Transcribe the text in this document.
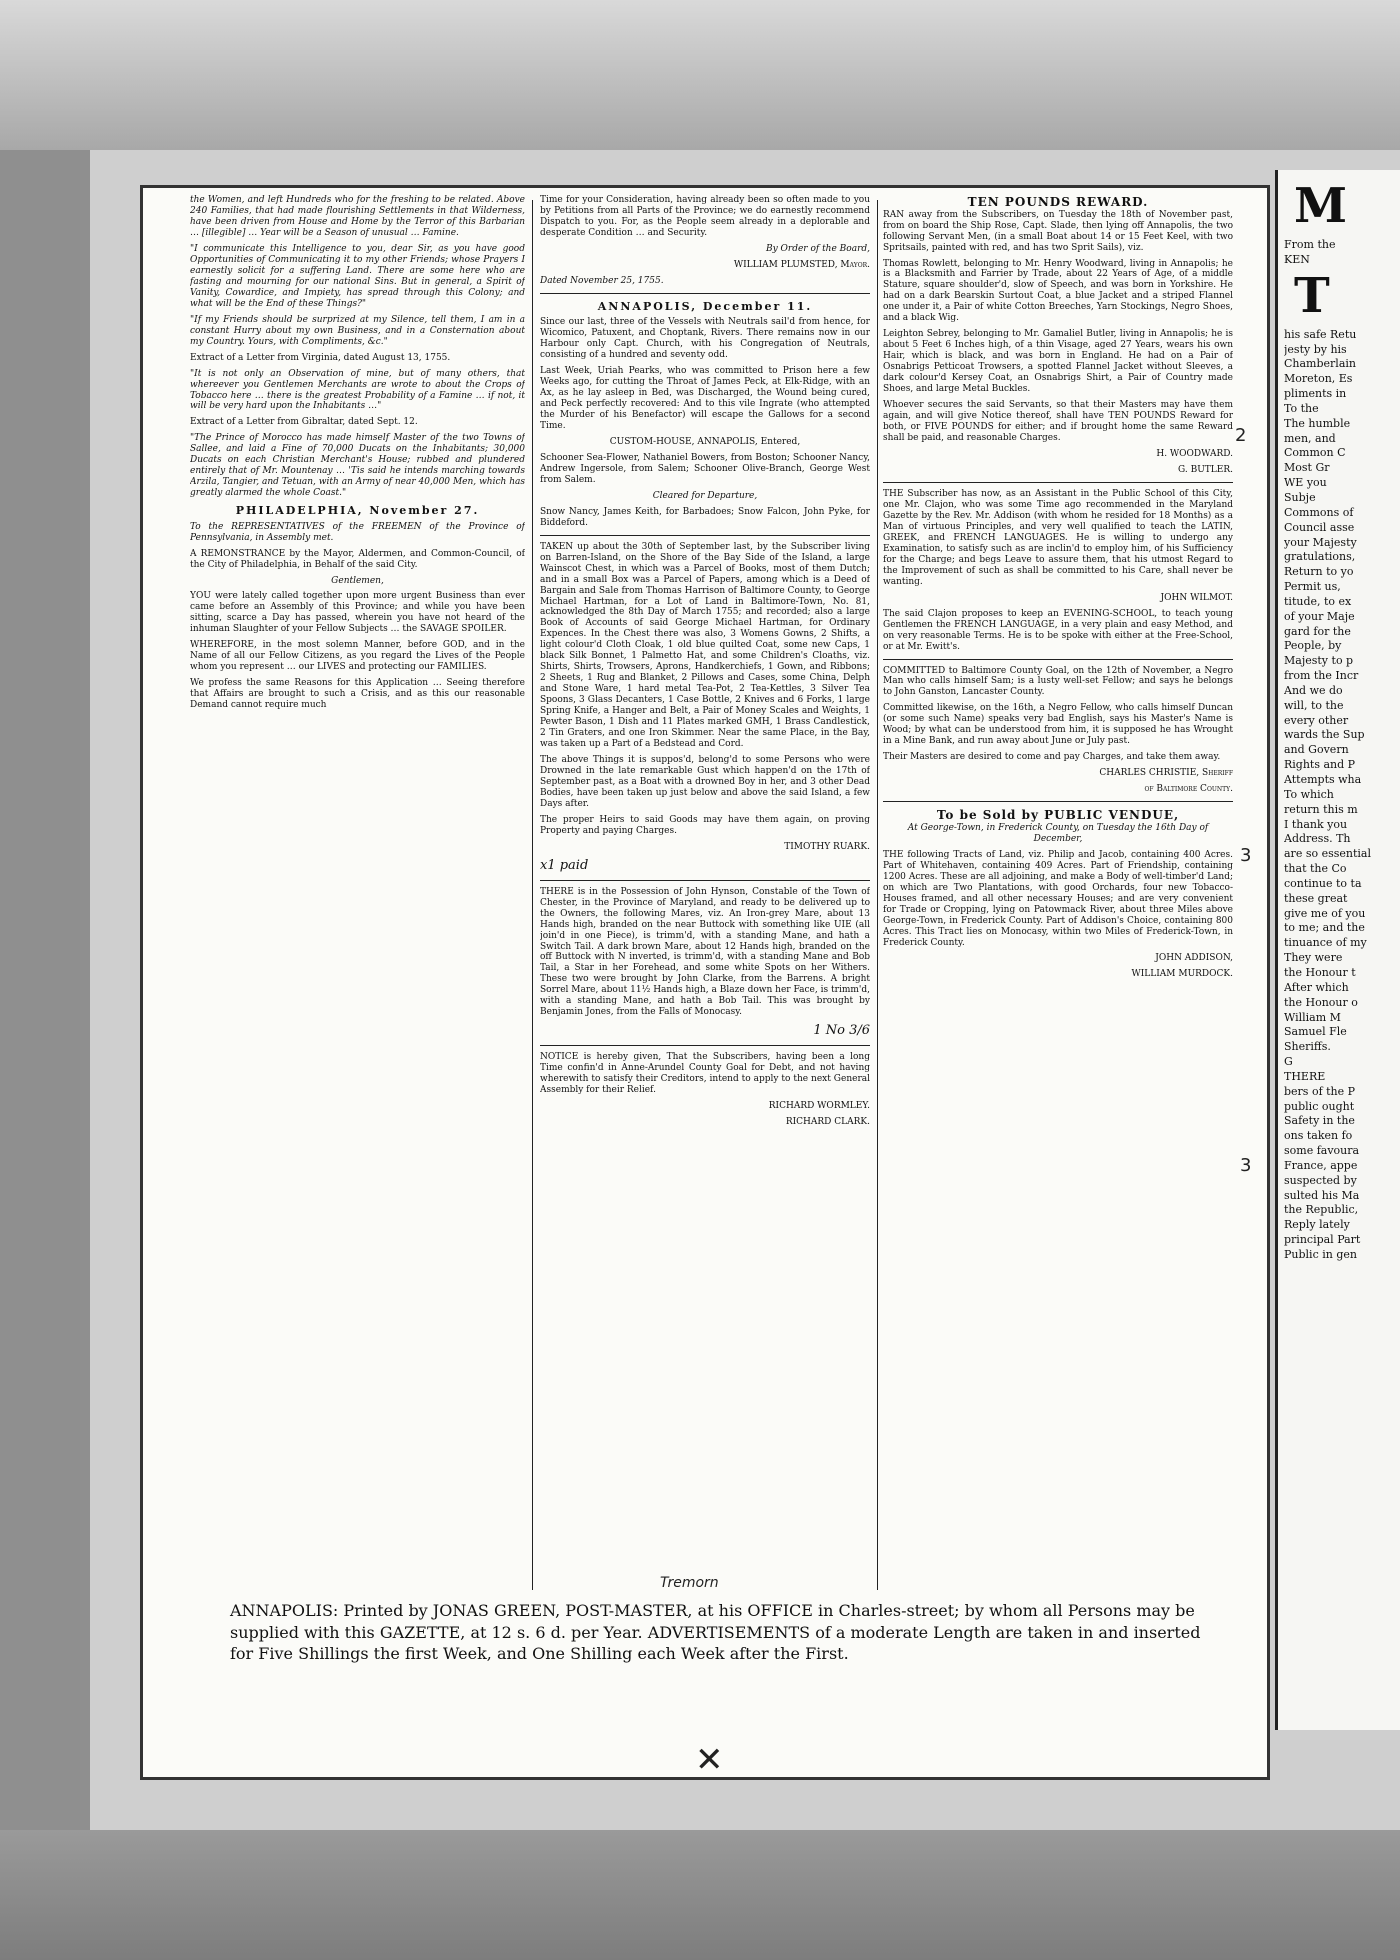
the Women, and left Hundreds who for the freshing to be related. Above 240 Families, that had made flourishing Settlements in that Wilderness, have been driven from House and Home by the Terror of this Barbarian … [illegible] … Year will be a Season of unusual … Famine.

"I communicate this Intelligence to you, dear Sir, as you have good Opportunities of Communicating it to my other Friends; whose Prayers I earnestly solicit for a suffering Land. There are some here who are fasting and mourning for our national Sins. But in general, a Spirit of Vanity, Cowardice, and Impiety, has spread through this Colony; and what will be the End of these Things?"

"If my Friends should be surprized at my Silence, tell them, I am in a constant Hurry about my own Business, and in a Consternation about my Country. Yours, with Compliments, &c."

Extract of a Letter from Virginia, dated August 13, 1755.

"It is not only an Observation of mine, but of many others, that whereever you Gentlemen Merchants are wrote to about the Crops of Tobacco here … there is the greatest Probability of a Famine … if not, it will be very hard upon the Inhabitants …"

Extract of a Letter from Gibraltar, dated Sept. 12.

"The Prince of Morocco has made himself Master of the two Towns of Sallee, and laid a Fine of 70,000 Ducats on the Inhabitants; 30,000 Ducats on each Christian Merchant's House; rubbed and plundered entirely that of Mr. Mountenay … 'Tis said he intends marching towards Arzila, Tangier, and Tetuan, with an Army of near 40,000 Men, which has greatly alarmed the whole Coast."

PHILADELPHIA, November 27.

To the REPRESENTATIVES of the FREEMEN of the Province of Pennsylvania, in Assembly met.

A REMONSTRANCE by the Mayor, Aldermen, and Common-Council, of the City of Philadelphia, in Behalf of the said City.

Gentlemen,

YOU were lately called together upon more urgent Business than ever came before an Assembly of this Province; and while you have been sitting, scarce a Day has passed, wherein you have not heard of the inhuman Slaughter of your Fellow Subjects … the SAVAGE SPOILER.

WHEREFORE, in the most solemn Manner, before GOD, and in the Name of all our Fellow Citizens, as you regard the Lives of the People whom you represent … our LIVES and protecting our FAMILIES.

We profess the same Reasons for this Application … Seeing therefore that Affairs are brought to such a Crisis, and as this our reasonable Demand cannot require much

Time for your Consideration, having already been so often made to you by Petitions from all Parts of the Province; we do earnestly recommend Dispatch to you. For, as the People seem already in a deplorable and desperate Condition … and Security.

By Order of the Board,

WILLIAM PLUMSTED, Mayor.

Dated November 25, 1755.

ANNAPOLIS, December 11.

Since our last, three of the Vessels with Neutrals sail'd from hence, for Wicomico, Patuxent, and Choptank, Rivers. There remains now in our Harbour only Capt. Church, with his Congregation of Neutrals, consisting of a hundred and seventy odd.

Last Week, Uriah Pearks, who was committed to Prison here a few Weeks ago, for cutting the Throat of James Peck, at Elk-Ridge, with an Ax, as he lay asleep in Bed, was Discharged, the Wound being cured, and Peck perfectly recovered: And to this vile Ingrate (who attempted the Murder of his Benefactor) will escape the Gallows for a second Time.

CUSTOM-HOUSE, ANNAPOLIS, Entered,

Schooner Sea-Flower, Nathaniel Bowers, from Boston; Schooner Nancy, Andrew Ingersole, from Salem; Schooner Olive-Branch, George West from Salem.

Cleared for Departure,

Snow Nancy, James Keith, for Barbadoes; Snow Falcon, John Pyke, for Biddeford.

TAKEN up about the 30th of September last, by the Subscriber living on Barren-Island, on the Shore of the Bay Side of the Island, a large Wainscot Chest, in which was a Parcel of Books, most of them Dutch; and in a small Box was a Parcel of Papers, among which is a Deed of Bargain and Sale from Thomas Harrison of Baltimore County, to George Michael Hartman, for a Lot of Land in Baltimore-Town, No. 81, acknowledged the 8th Day of March 1755; and recorded; also a large Book of Accounts of said George Michael Hartman, for Ordinary Expences. In the Chest there was also, 3 Womens Gowns, 2 Shifts, a light colour'd Cloth Cloak, 1 old blue quilted Coat, some new Caps, 1 black Silk Bonnet, 1 Palmetto Hat, and some Children's Cloaths, viz. Shirts, Shirts, Trowsers, Aprons, Handkerchiefs, 1 Gown, and Ribbons; 2 Sheets, 1 Rug and Blanket, 2 Pillows and Cases, some China, Delph and Stone Ware, 1 hard metal Tea-Pot, 2 Tea-Kettles, 3 Silver Tea Spoons, 3 Glass Decanters, 1 Case Bottle, 2 Knives and 6 Forks, 1 large Spring Knife, a Hanger and Belt, a Pair of Money Scales and Weights, 1 Pewter Bason, 1 Dish and 11 Plates marked GMH, 1 Brass Candlestick, 2 Tin Graters, and one Iron Skimmer. Near the same Place, in the Bay, was taken up a Part of a Bedstead and Cord.

The above Things it is suppos'd, belong'd to some Persons who were Drowned in the late remarkable Gust which happen'd on the 17th of September past, as a Boat with a drowned Boy in her, and 3 other Dead Bodies, have been taken up just below and above the said Island, a few Days after.

The proper Heirs to said Goods may have them again, on proving Property and paying Charges.

TIMOTHY RUARK.

x1 paid

THERE is in the Possession of John Hynson, Constable of the Town of Chester, in the Province of Maryland, and ready to be delivered up to the Owners, the following Mares, viz. An Iron-grey Mare, about 13 Hands high, branded on the near Buttock with something like UIE (all join'd in one Piece), is trimm'd, with a standing Mane, and hath a Switch Tail. A dark brown Mare, about 12 Hands high, branded on the off Buttock with N inverted, is trimm'd, with a standing Mane and Bob Tail, a Star in her Forehead, and some white Spots on her Withers. These two were brought by John Clarke, from the Barrens. A bright Sorrel Mare, about 11½ Hands high, a Blaze down her Face, is trimm'd, with a standing Mane, and hath a Bob Tail. This was brought by Benjamin Jones, from the Falls of Monocasy.

1 No 3/6

NOTICE is hereby given, That the Subscribers, having been a long Time confin'd in Anne-Arundel County Goal for Debt, and not having wherewith to satisfy their Creditors, intend to apply to the next General Assembly for their Relief.

RICHARD WORMLEY.

RICHARD CLARK.

TEN POUNDS REWARD.

RAN away from the Subscribers, on Tuesday the 18th of November past, from on board the Ship Rose, Capt. Slade, then lying off Annapolis, the two following Servant Men, (in a small Boat about 14 or 15 Feet Keel, with two Spritsails, painted with red, and has two Sprit Sails), viz.

Thomas Rowlett, belonging to Mr. Henry Woodward, living in Annapolis; he is a Blacksmith and Farrier by Trade, about 22 Years of Age, of a middle Stature, square shoulder'd, slow of Speech, and was born in Yorkshire. He had on a dark Bearskin Surtout Coat, a blue Jacket and a striped Flannel one under it, a Pair of white Cotton Breeches, Yarn Stockings, Negro Shoes, and a black Wig.

Leighton Sebrey, belonging to Mr. Gamaliel Butler, living in Annapolis; he is about 5 Feet 6 Inches high, of a thin Visage, aged 27 Years, wears his own Hair, which is black, and was born in England. He had on a Pair of Osnabrigs Petticoat Trowsers, a spotted Flannel Jacket without Sleeves, a dark colour'd Kersey Coat, an Osnabrigs Shirt, a Pair of Country made Shoes, and large Metal Buckles.

Whoever secures the said Servants, so that their Masters may have them again, and will give Notice thereof, shall have TEN POUNDS Reward for both, or FIVE POUNDS for either; and if brought home the same Reward shall be paid, and reasonable Charges.

H. WOODWARD.

G. BUTLER.

THE Subscriber has now, as an Assistant in the Public School of this City, one Mr. Clajon, who was some Time ago recommended in the Maryland Gazette by the Rev. Mr. Addison (with whom he resided for 18 Months) as a Man of virtuous Principles, and very well qualified to teach the LATIN, GREEK, and FRENCH LANGUAGES. He is willing to undergo any Examination, to satisfy such as are inclin'd to employ him, of his Sufficiency for the Charge; and begs Leave to assure them, that his utmost Regard to the Improvement of such as shall be committed to his Care, shall never be wanting.

JOHN WILMOT.

The said Clajon proposes to keep an EVENING-SCHOOL, to teach young Gentlemen the FRENCH LANGUAGE, in a very plain and easy Method, and on very reasonable Terms. He is to be spoke with either at the Free-School, or at Mr. Ewitt's.

COMMITTED to Baltimore County Goal, on the 12th of November, a Negro Man who calls himself Sam; is a lusty well-set Fellow; and says he belongs to John Ganston, Lancaster County.

Committed likewise, on the 16th, a Negro Fellow, who calls himself Duncan (or some such Name) speaks very bad English, says his Master's Name is Wood; by what can be understood from him, it is supposed he has Wrought in a Mine Bank, and run away about June or July past.

Their Masters are desired to come and pay Charges, and take them away.

CHARLES CHRISTIE, Sheriff

of Baltimore County.

To be Sold by PUBLIC VENDUE,

At George-Town, in Frederick County, on Tuesday the 16th Day of December,

THE following Tracts of Land, viz. Philip and Jacob, containing 400 Acres. Part of Whitehaven, containing 409 Acres. Part of Friendship, containing 1200 Acres. These are all adjoining, and make a Body of well-timber'd Land; on which are Two Plantations, with good Orchards, four new Tobacco-Houses framed, and all other necessary Houses; and are very convenient for Trade or Cropping, lying on Patowmack River, about three Miles above George-Town, in Frederick County. Part of Addison's Choice, containing 800 Acres. This Tract lies on Monocasy, within two Miles of Frederick-Town, in Frederick County.

JOHN ADDISON,

WILLIAM MURDOCK.

ANNAPOLIS: Printed by JONAS GREEN, POST-MASTER, at his OFFICE in Charles-street; by whom all Persons may be supplied with this GAZETTE, at 12 s. 6 d. per Year. ADVERTISEMENTS of a moderate Length are taken in and inserted for Five Shillings the first Week, and One Shilling each Week after the First.
2
3
3
✕
Tremorn
M
From the
KEN
T
his safe Retu
jesty by his
Chamberlain
Moreton, Es
pliments in
To the
The humble
men, and
Common C
Most Gr
WE you
Subje
Commons of
Council asse
your Majesty
gratulations,
Return to yo
Permit us,
titude, to ex
of your Maje
gard for the
People, by
Majesty to p
from the Incr
And we do
will, to the
every other
wards the Sup
and Govern
Rights and P
Attempts wha
To which
return this m
I thank you
Address. Th
are so essential
that the Co
continue to ta
these great
give me of you
to me; and the
tinuance of my
They were
the Honour t
After which
the Honour o
William M
Samuel Fle
Sheriffs.
G
THERE
bers of the P
public ought
Safety in the
ons taken fo
some favoura
France, appe
suspected by
sulted his Ma
the Republic,
Reply lately
principal Part
Public in gen
